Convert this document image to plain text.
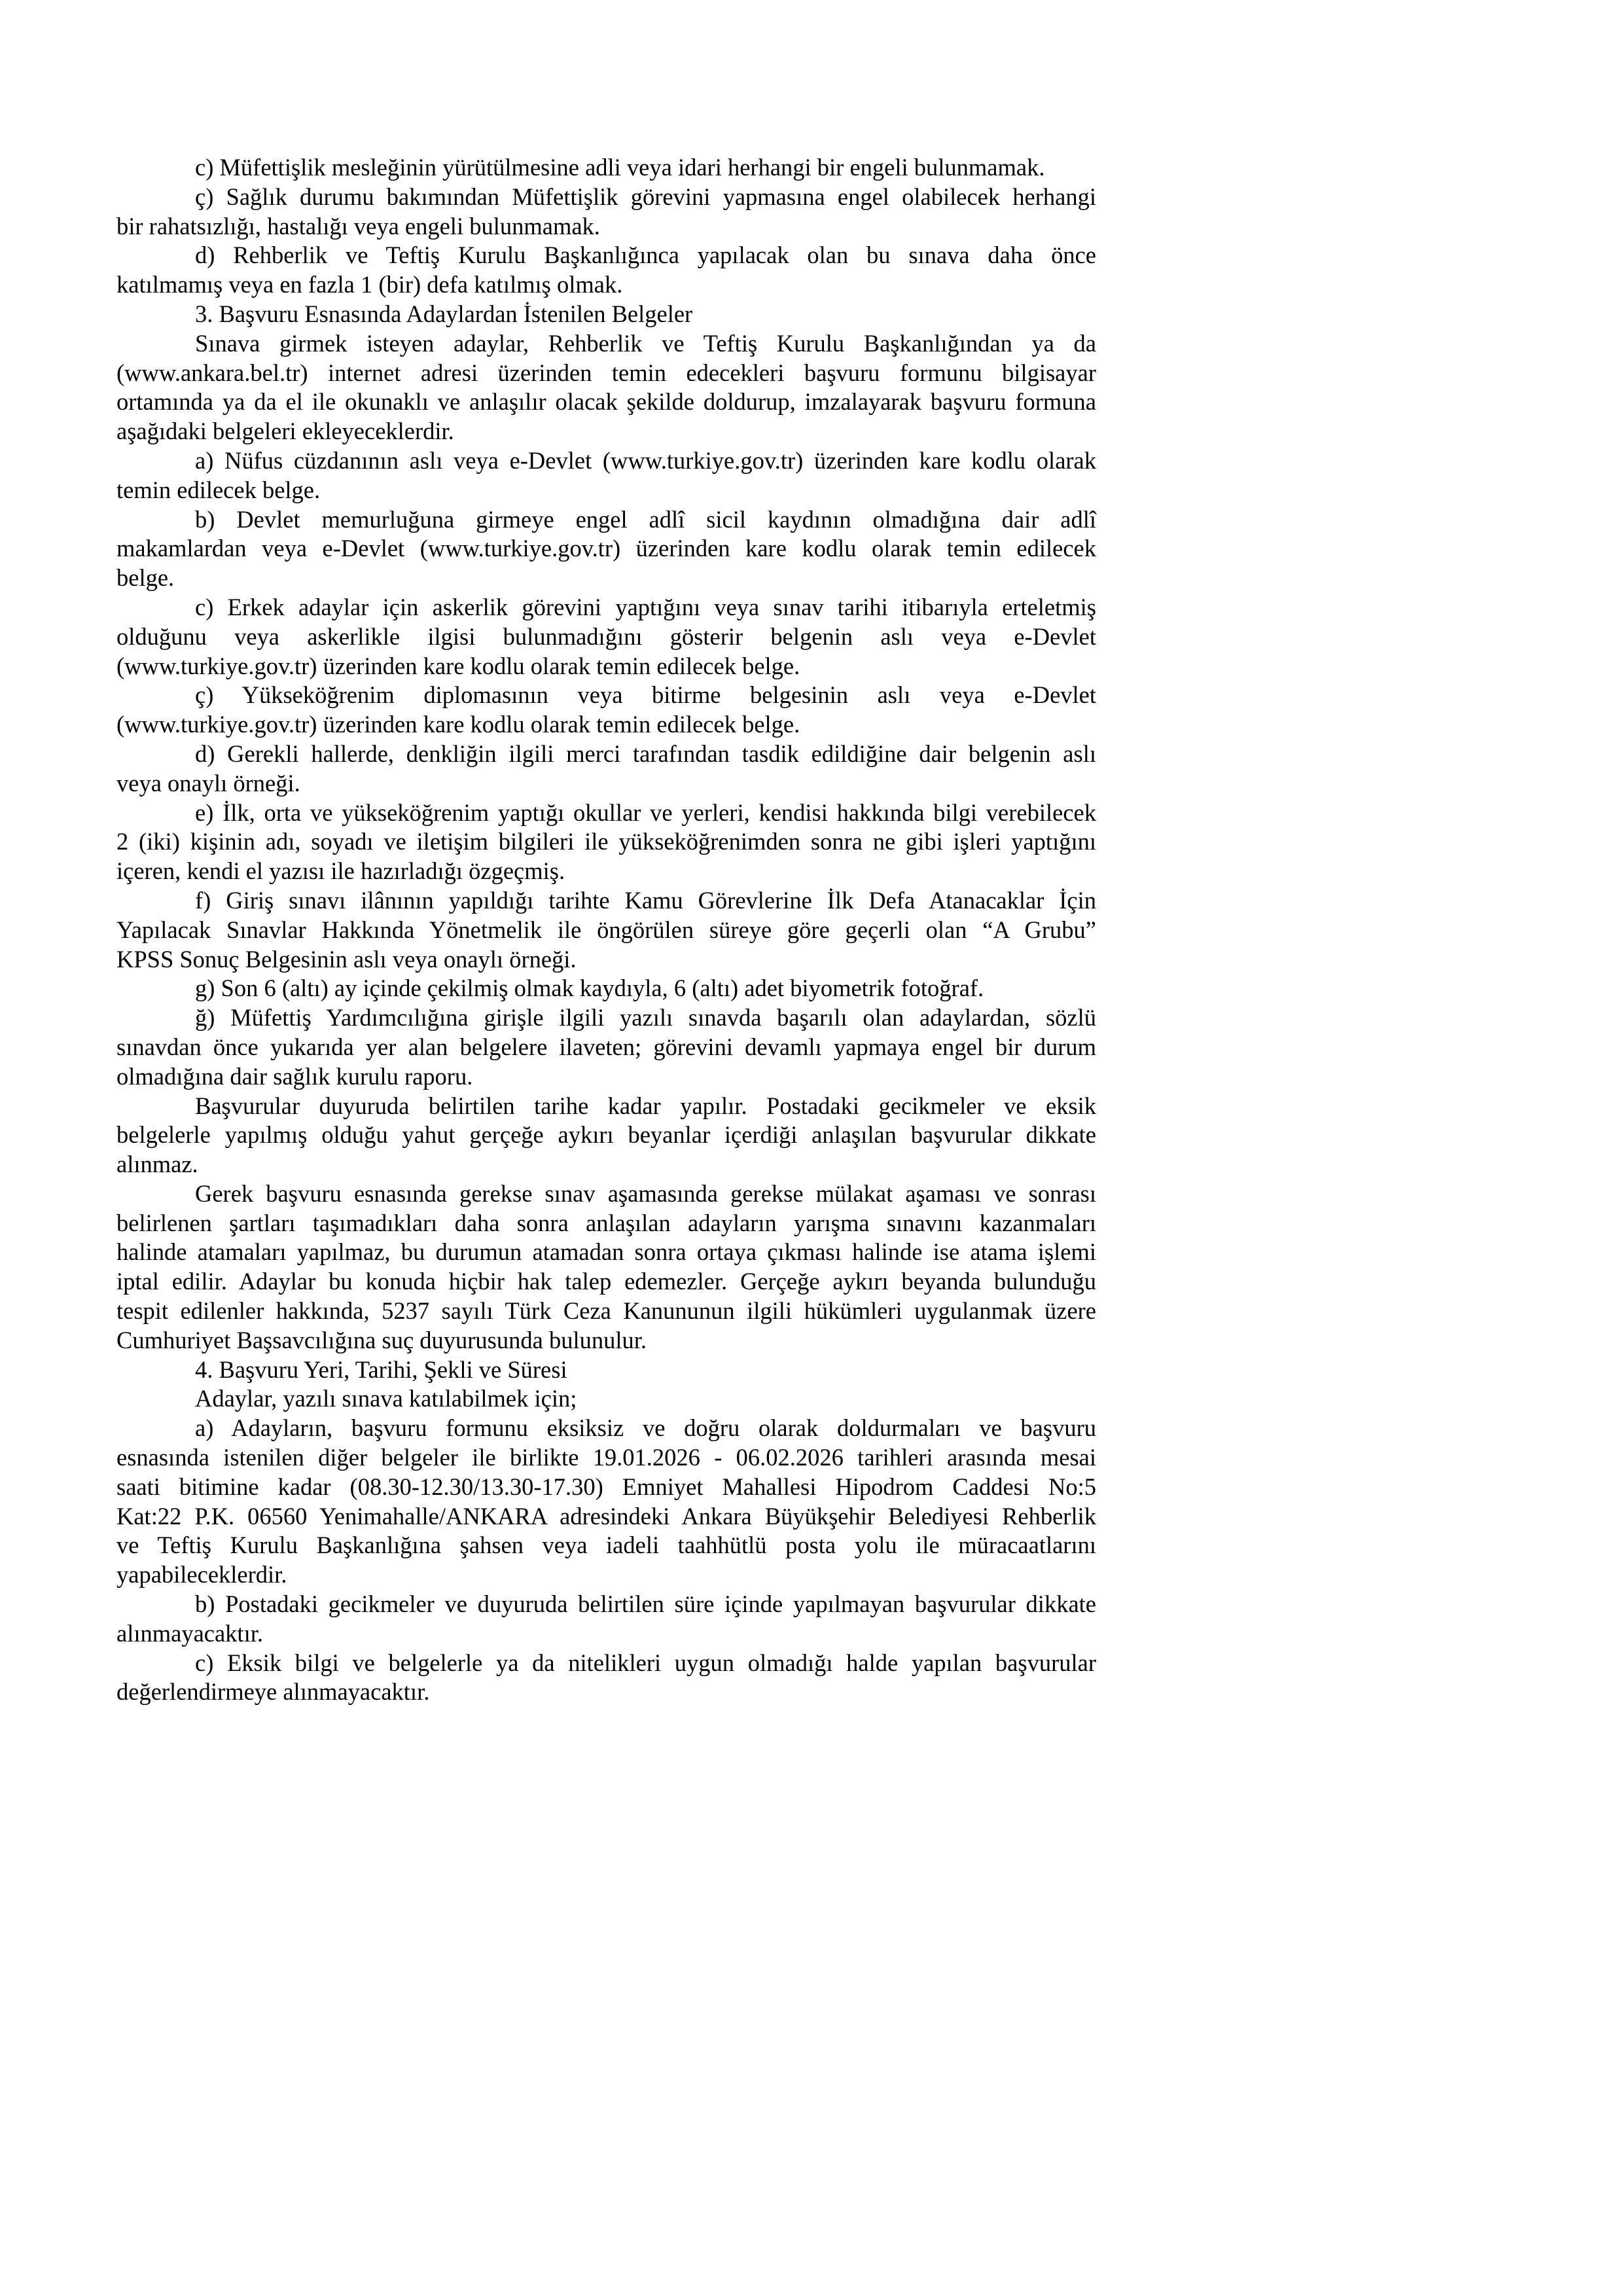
c) Müfettişlik mesleğinin yürütülmesine adli veya idari herhangi bir engeli bulunmamak.
ç) Sağlık durumu bakımından Müfettişlik görevini yapmasına engel olabilecek herhangi
bir rahatsızlığı, hastalığı veya engeli bulunmamak.
d) Rehberlik ve Teftiş Kurulu Başkanlığınca yapılacak olan bu sınava daha önce
katılmamış veya en fazla 1 (bir) defa katılmış olmak.
3. Başvuru Esnasında Adaylardan İstenilen Belgeler
Sınava girmek isteyen adaylar, Rehberlik ve Teftiş Kurulu Başkanlığından ya da
(www.ankara.bel.tr) internet adresi üzerinden temin edecekleri başvuru formunu bilgisayar
ortamında ya da el ile okunaklı ve anlaşılır olacak şekilde doldurup, imzalayarak başvuru formuna
aşağıdaki belgeleri ekleyeceklerdir.
a) Nüfus cüzdanının aslı veya e-Devlet (www.turkiye.gov.tr) üzerinden kare kodlu olarak
temin edilecek belge.
b) Devlet memurluğuna girmeye engel adlî sicil kaydının olmadığına dair adlî
makamlardan veya e-Devlet (www.turkiye.gov.tr) üzerinden kare kodlu olarak temin edilecek
belge.
c) Erkek adaylar için askerlik görevini yaptığını veya sınav tarihi itibarıyla erteletmiş
olduğunu veya askerlikle ilgisi bulunmadığını gösterir belgenin aslı veya e-Devlet
(www.turkiye.gov.tr) üzerinden kare kodlu olarak temin edilecek belge.
ç) Yükseköğrenim diplomasının veya bitirme belgesinin aslı veya e-Devlet
(www.turkiye.gov.tr) üzerinden kare kodlu olarak temin edilecek belge.
d) Gerekli hallerde, denkliğin ilgili merci tarafından tasdik edildiğine dair belgenin aslı
veya onaylı örneği.
e) İlk, orta ve yükseköğrenim yaptığı okullar ve yerleri, kendisi hakkında bilgi verebilecek
2 (iki) kişinin adı, soyadı ve iletişim bilgileri ile yükseköğrenimden sonra ne gibi işleri yaptığını
içeren, kendi el yazısı ile hazırladığı özgeçmiş.
f) Giriş sınavı ilânının yapıldığı tarihte Kamu Görevlerine İlk Defa Atanacaklar İçin
Yapılacak Sınavlar Hakkında Yönetmelik ile öngörülen süreye göre geçerli olan “A Grubu”
KPSS Sonuç Belgesinin aslı veya onaylı örneği.
g) Son 6 (altı) ay içinde çekilmiş olmak kaydıyla, 6 (altı) adet biyometrik fotoğraf.
ğ) Müfettiş Yardımcılığına girişle ilgili yazılı sınavda başarılı olan adaylardan, sözlü
sınavdan önce yukarıda yer alan belgelere ilaveten; görevini devamlı yapmaya engel bir durum
olmadığına dair sağlık kurulu raporu.
Başvurular duyuruda belirtilen tarihe kadar yapılır. Postadaki gecikmeler ve eksik
belgelerle yapılmış olduğu yahut gerçeğe aykırı beyanlar içerdiği anlaşılan başvurular dikkate
alınmaz.
Gerek başvuru esnasında gerekse sınav aşamasında gerekse mülakat aşaması ve sonrası
belirlenen şartları taşımadıkları daha sonra anlaşılan adayların yarışma sınavını kazanmaları
halinde atamaları yapılmaz, bu durumun atamadan sonra ortaya çıkması halinde ise atama işlemi
iptal edilir. Adaylar bu konuda hiçbir hak talep edemezler. Gerçeğe aykırı beyanda bulunduğu
tespit edilenler hakkında, 5237 sayılı Türk Ceza Kanununun ilgili hükümleri uygulanmak üzere
Cumhuriyet Başsavcılığına suç duyurusunda bulunulur.
4. Başvuru Yeri, Tarihi, Şekli ve Süresi
Adaylar, yazılı sınava katılabilmek için;
a) Adayların, başvuru formunu eksiksiz ve doğru olarak doldurmaları ve başvuru
esnasında istenilen diğer belgeler ile birlikte 19.01.2026 - 06.02.2026 tarihleri arasında mesai
saati bitimine kadar (08.30-12.30/13.30-17.30) Emniyet Mahallesi Hipodrom Caddesi No:5
Kat:22 P.K. 06560 Yenimahalle/ANKARA adresindeki Ankara Büyükşehir Belediyesi Rehberlik
ve Teftiş Kurulu Başkanlığına şahsen veya iadeli taahhütlü posta yolu ile müracaatlarını
yapabileceklerdir.
b) Postadaki gecikmeler ve duyuruda belirtilen süre içinde yapılmayan başvurular dikkate
alınmayacaktır.
c) Eksik bilgi ve belgelerle ya da nitelikleri uygun olmadığı halde yapılan başvurular
değerlendirmeye alınmayacaktır.
